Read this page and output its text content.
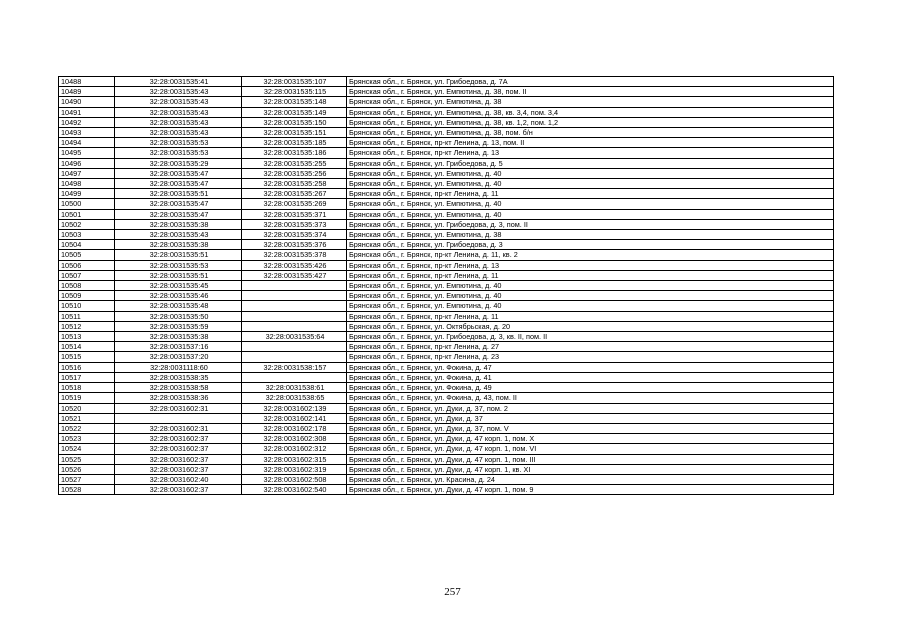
10488	32:28:0031535:41	32:28:0031535:107	Брянская обл., г. Брянск, ул. Грибоедова, д. 7А
10489	32:28:0031535:43	32:28:0031535:115	Брянская обл., г. Брянск, ул. Емпютина, д. 38, пом. II
10490	32:28:0031535:43	32:28:0031535:148	Брянская обл., г. Брянск, ул. Емпютина, д. 38
10491	32:28:0031535:43	32:28:0031535:149	Брянская обл., г. Брянск, ул. Емпютина, д. 38, кв. 3,4, пом. 3,4
10492	32:28:0031535:43	32:28:0031535:150	Брянская обл., г. Брянск, ул. Емпютина, д. 38, кв. 1,2, пом. 1,2
10493	32:28:0031535:43	32:28:0031535:151	Брянская обл., г. Брянск, ул. Емпютина, д. 38, пом. б/н
10494	32:28:0031535:53	32:28:0031535:185	Брянская обл., г. Брянск, пр-кт Ленина, д. 13, пом. II
10495	32:28:0031535:53	32:28:0031535:186	Брянская обл., г. Брянск, пр-кт Ленина, д. 13
10496	32:28:0031535:29	32:28:0031535:255	Брянская обл., г. Брянск, ул. Грибоедова, д. 5
10497	32:28:0031535:47	32:28:0031535:256	Брянская обл., г. Брянск, ул. Емпютина, д. 40
10498	32:28:0031535:47	32:28:0031535:258	Брянская обл., г. Брянск, ул. Емпютина, д. 40
10499	32:28:0031535:51	32:28:0031535:267	Брянская обл., г. Брянск, пр-кт Ленина, д. 11
10500	32:28:0031535:47	32:28:0031535:269	Брянская обл., г. Брянск, ул. Емпютина, д. 40
10501	32:28:0031535:47	32:28:0031535:371	Брянская обл., г. Брянск, ул. Емпютина, д. 40
10502	32:28:0031535:38	32:28:0031535:373	Брянская обл., г. Брянск, ул. Грибоедова, д. 3, пом. II
10503	32:28:0031535:43	32:28:0031535:374	Брянская обл., г. Брянск, ул. Емпютина, д. 38
10504	32:28:0031535:38	32:28:0031535:376	Брянская обл., г. Брянск, ул. Грибоедова, д. 3
10505	32:28:0031535:51	32:28:0031535:378	Брянская обл., г. Брянск, пр-кт Ленина, д. 11, кв. 2
10506	32:28:0031535:53	32:28:0031535:426	Брянская обл., г. Брянск, пр-кт Ленина, д. 13
10507	32:28:0031535:51	32:28:0031535:427	Брянская обл., г. Брянск, пр-кт Ленина, д. 11
10508	32:28:0031535:45		Брянская обл., г. Брянск, ул. Емпютина, д. 40
10509	32:28:0031535:46		Брянская обл., г. Брянск, ул. Емпютина, д. 40
10510	32:28:0031535:48		Брянская обл., г. Брянск, ул. Емпютина, д. 40
10511	32:28:0031535:50		Брянская обл., г. Брянск, пр-кт Ленина, д. 11
10512	32:28:0031535:59		Брянская обл., г. Брянск, ул. Октябрьская, д. 20
10513	32:28:0031535:38	32:28:0031535:64	Брянская обл., г. Брянск, ул. Грибоедова, д. 3, кв. II, пом. II
10514	32:28:0031537:16		Брянская обл., г. Брянск, пр-кт Ленина, д. 27
10515	32:28:0031537:20		Брянская обл., г. Брянск, пр-кт Ленина, д. 23
10516	32:28:0031118:60	32:28:0031538:157	Брянская обл., г. Брянск, ул. Фокина, д. 47
10517	32:28:0031538:35		Брянская обл., г. Брянск, ул. Фокина, д. 41
10518	32:28:0031538:58	32:28:0031538:61	Брянская обл., г. Брянск, ул. Фокина, д. 49
10519	32:28:0031538:36	32:28:0031538:65	Брянская обл., г. Брянск, ул. Фокина, д. 43, пом. II
10520	32:28:0031602:31	32:28:0031602:139	Брянская обл., г. Брянск, ул. Дуки, д. 37, пом. 2
10521		32:28:0031602:141	Брянская обл., г. Брянск, ул. Дуки, д. 37
10522	32:28:0031602:31	32:28:0031602:178	Брянская обл., г. Брянск, ул. Дуки, д. 37, пом. V
10523	32:28:0031602:37	32:28:0031602:308	Брянская обл., г. Брянск, ул. Дуки, д. 47 корп. 1, пом. X
10524	32:28:0031602:37	32:28:0031602:312	Брянская обл., г. Брянск, ул. Дуки, д. 47 корп. 1, пом. VI
10525	32:28:0031602:37	32:28:0031602:315	Брянская обл., г. Брянск, ул. Дуки, д. 47 корп. 1, пом. III
10526	32:28:0031602:37	32:28:0031602:319	Брянская обл., г. Брянск, ул. Дуки, д. 47 корп. 1, кв. XI
10527	32:28:0031602:40	32:28:0031602:508	Брянская обл., г. Брянск, ул. Красина, д. 24
10528	32:28:0031602:37	32:28:0031602:540	Брянская обл., г. Брянск, ул. Дуки, д. 47 корп. 1, пом. 9
257
